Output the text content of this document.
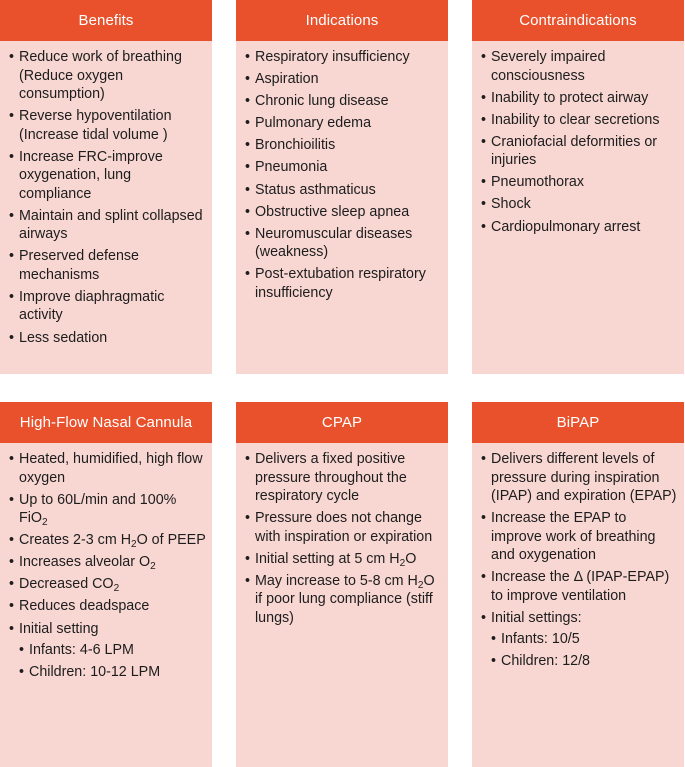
Benefits
• Reduce work of breathing (Reduce oxygen consumption)
• Reverse hypoventilation (Increase tidal volume )
• Increase FRC-improve oxygenation, lung compliance
• Maintain and splint collapsed airways
• Preserved defense mechanisms
• Improve diaphragmatic activity
• Less sedation
Indications
• Respiratory insufficiency
• Aspiration
• Chronic lung disease
• Pulmonary edema
• Bronchioilitis
• Pneumonia
• Status asthmaticus
• Obstructive sleep apnea
• Neuromuscular diseases (weakness)
• Post-extubation respiratory insufficiency
Contraindications
• Severely impaired consciousness
• Inability to protect airway
• Inability to clear secretions
• Craniofacial deformities or injuries
• Pneumothorax
• Shock
• Cardiopulmonary arrest
High-Flow Nasal Cannula
• Heated, humidified, high flow oxygen
• Up to 60L/min and 100% FiO$_2$
• Creates 2-3 cm $H_2O$ of PEEP
• Increases alveolar $O_2$
• Decreased $CO_2$
• Reduces deadspace
• Initial setting
• Infants: 4-6 LPM
• Children: 10-12 LPM
CPAP
• Delivers a fixed positive pressure throughout the respiratory cycle
• Pressure does not change with inspiration or expiration
• Initial setting at 5 cm $H_2O$
• May increase to 5-8 cm $H_2O$ if poor lung compliance (stiff lungs)
BiPAP
• Delivers different levels of pressure during inspiration (IPAP) and expiration (EPAP)
• Increase the EPAP to improve work of breathing and oxygenation
• Increase the Δ (IPAP-EPAP) to improve ventilation
• Initial settings:
• Infants: 10/5
• Children: 12/8
